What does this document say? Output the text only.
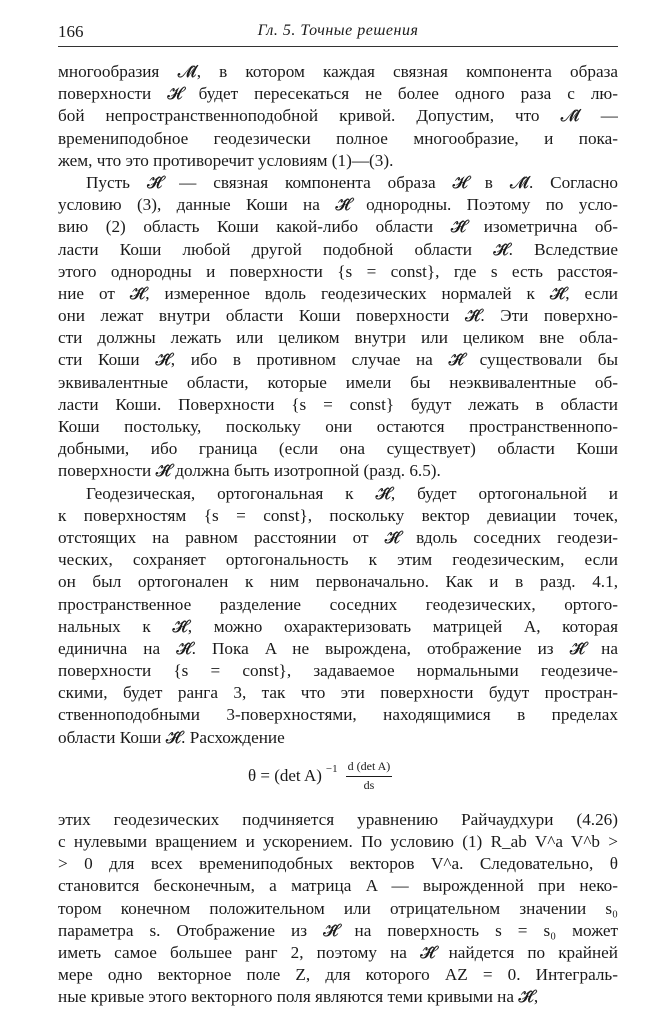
166	Гл. 5. Точные решения
многообразия 𝓜̂, в котором каждая связная компонента образа
поверхности 𝓗 будет пересекаться не более одного раза с лю-
бой непространственноподобной кривой. Допустим, что 𝓜̂ —
времениподобное геодезически полное многообразие, и пока-
жем, что это противоречит условиям (1)—(3).
Пусть 𝓗̂ — связная компонента образа 𝓗 в 𝓜̂. Согласно
условию (3), данные Коши на 𝓗̂ однородны. Поэтому по усло-
вию (2) область Коши какой-либо области 𝓗̂ изометрична об-
ласти Коши любой другой подобной области 𝓗̂. Вследствие
этого однородны и поверхности {s = const}, где s есть расстоя-
ние от 𝓗̂, измеренное вдоль геодезических нормалей к 𝓗̂, если
они лежат внутри области Коши поверхности 𝓗̂. Эти поверхно-
сти должны лежать или целиком внутри или целиком вне обла-
сти Коши 𝓗̂, ибо в противном случае на 𝓗̂ существовали бы
эквивалентные области, которые имели бы неэквивалентные об-
ласти Коши. Поверхности {s = const} будут лежать в области
Коши постольку, поскольку они остаются пространственнопо-
добными, ибо граница (если она существует) области Коши
поверхности 𝓗̂ должна быть изотропной (разд. 6.5).
Геодезическая, ортогональная к 𝓗̂, будет ортогональной и
к поверхностям {s = const}, поскольку вектор девиации точек,
отстоящих на равном расстоянии от 𝓗̂ вдоль соседних геодези-
ческих, сохраняет ортогональность к этим геодезическим, если
он был ортогонален к ним первоначально. Как и в разд. 4.1,
пространственное разделение соседних геодезических, ортого-
нальных к 𝓗̂, можно охарактеризовать матрицей A, которая
единична на 𝓗̂. Пока A не вырождена, отображение из 𝓗̂ на
поверхности {s = const}, задаваемое нормальными геодезиче-
скими, будет ранга 3, так что эти поверхности будут простран-
ственноподобными 3-поверхностями, находящимися в пределах
области Коши 𝓗̂. Расхождение
θ = (det $A) -1 \frac{\text{d (det A)}}{ds}$
этих геодезических подчиняется уравнению Райчаудхури (4.26)
с нулевыми вращением и ускорением. По условию (1) R_ab V^a V^b >
> 0 для всех времениподобных векторов V^a. Следовательно, θ
становится бесконечным, а матрица A — вырожденной при неко-
тором конечном положительном или отрицательном значении s₀
параметра s. Отображение из 𝓗̂ на поверхность s = s₀ может
иметь самое большее ранг 2, поэтому на 𝓗̂ найдется по крайней
мере одно векторное поле Z, для которого AZ = 0. Интеграль-
ные кривые этого векторного поля являются теми кривыми на 𝓗̂,
